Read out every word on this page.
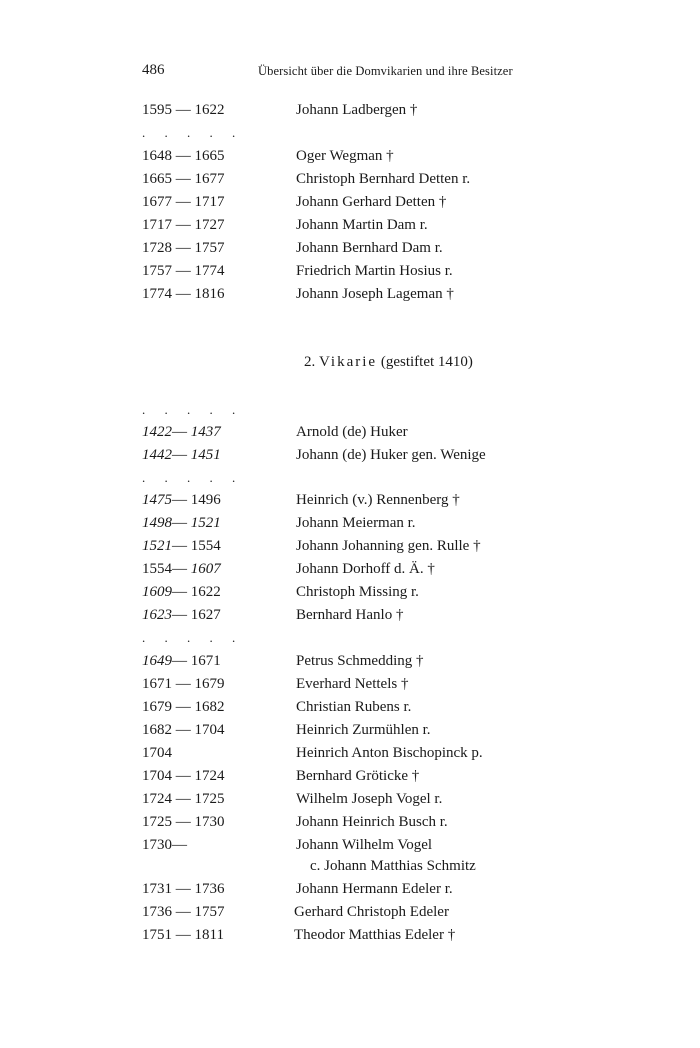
486	Übersicht über die Domvikarien und ihre Besitzer
1595 — 1622	Johann Ladbergen †
. . . . .
1648 — 1665	Oger Wegman †
1665 — 1677	Christoph Bernhard Detten r.
1677 — 1717	Johann Gerhard Detten †
1717 — 1727	Johann Martin Dam r.
1728 — 1757	Johann Bernhard Dam r.
1757 — 1774	Friedrich Martin Hosius r.
1774 — 1816	Johann Joseph Lageman †
2. Vikarie (gestiftet 1410)
. . . . .
1422— 1437	Arnold (de) Huker
1442— 1451	Johann (de) Huker gen. Wenige
. . . . .
1475— 1496	Heinrich (v.) Rennenberg †
1498— 1521	Johann Meierman r.
1521— 1554	Johann Johanning gen. Rulle †
1554— 1607	Johann Dorhoff d. Ä. †
1609— 1622	Christoph Missing r.
1623— 1627	Bernhard Hanlo †
. . . . .
1649— 1671	Petrus Schmedding †
1671 — 1679	Everhard Nettels †
1679 — 1682	Christian Rubens r.
1682 — 1704	Heinrich Zurmühlen r.
1704	Heinrich Anton Bischopinck p.
1704 — 1724	Bernhard Gröticke †
1724 — 1725	Wilhelm Joseph Vogel r.
1725 — 1730	Johann Heinrich Busch r.
1730—	Johann Wilhelm Vogel
c. Johann Matthias Schmitz
1731 — 1736	Johann Hermann Edeler r.
1736 — 1757	Gerhard Christoph Edeler
1751 — 1811	Theodor Matthias Edeler †
